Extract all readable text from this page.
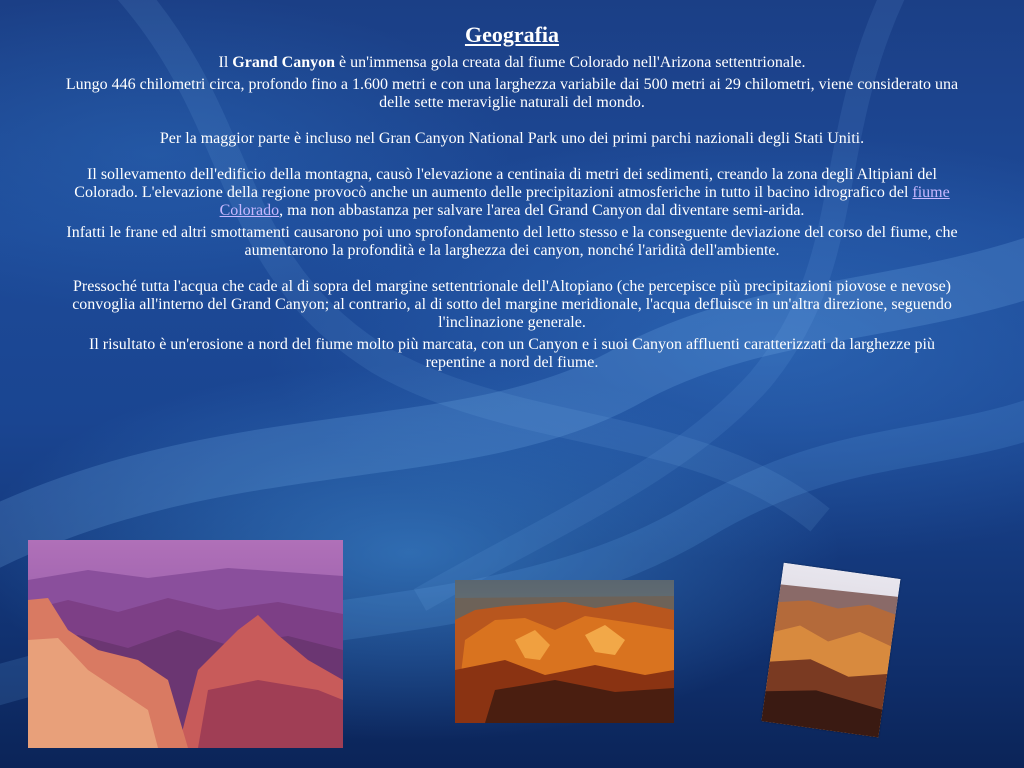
Geografia

Il Grand Canyon è un'immensa gola creata dal fiume Colorado nell'Arizona settentrionale.

Lungo 446 chilometri circa, profondo fino a 1.600 metri e con una larghezza variabile dai 500 metri ai 29 chilometri, viene considerato una delle sette meraviglie naturali del mondo.

Per la maggior parte è incluso nel Gran Canyon National Park uno dei primi parchi nazionali degli Stati Uniti.

Il sollevamento dell'edificio della montagna, causò l'elevazione a centinaia di metri dei sedimenti, creando la zona degli Altipiani del Colorado. L'elevazione della regione provocò anche un aumento delle precipitazioni atmosferiche in tutto il bacino idrografico del fiume Colorado, ma non abbastanza per salvare l'area del Grand Canyon dal diventare semi-arida.

Infatti le frane ed altri smottamenti causarono poi uno sprofondamento del letto stesso e la conseguente deviazione del corso del fiume, che aumentarono la profondità e la larghezza dei canyon, nonché l'aridità dell'ambiente.

Pressoché tutta l'acqua che cade al di sopra del margine settentrionale dell'Altopiano (che percepisce più precipitazioni piovose e nevose) convoglia all'interno del Grand Canyon; al contrario, al di sotto del margine meridionale, l'acqua defluisce in un'altra direzione, seguendo l'inclinazione generale.

Il risultato è un'erosione a nord del fiume molto più marcata, con un Canyon e i suoi Canyon affluenti caratterizzati da larghezze più repentine a nord del fiume.
